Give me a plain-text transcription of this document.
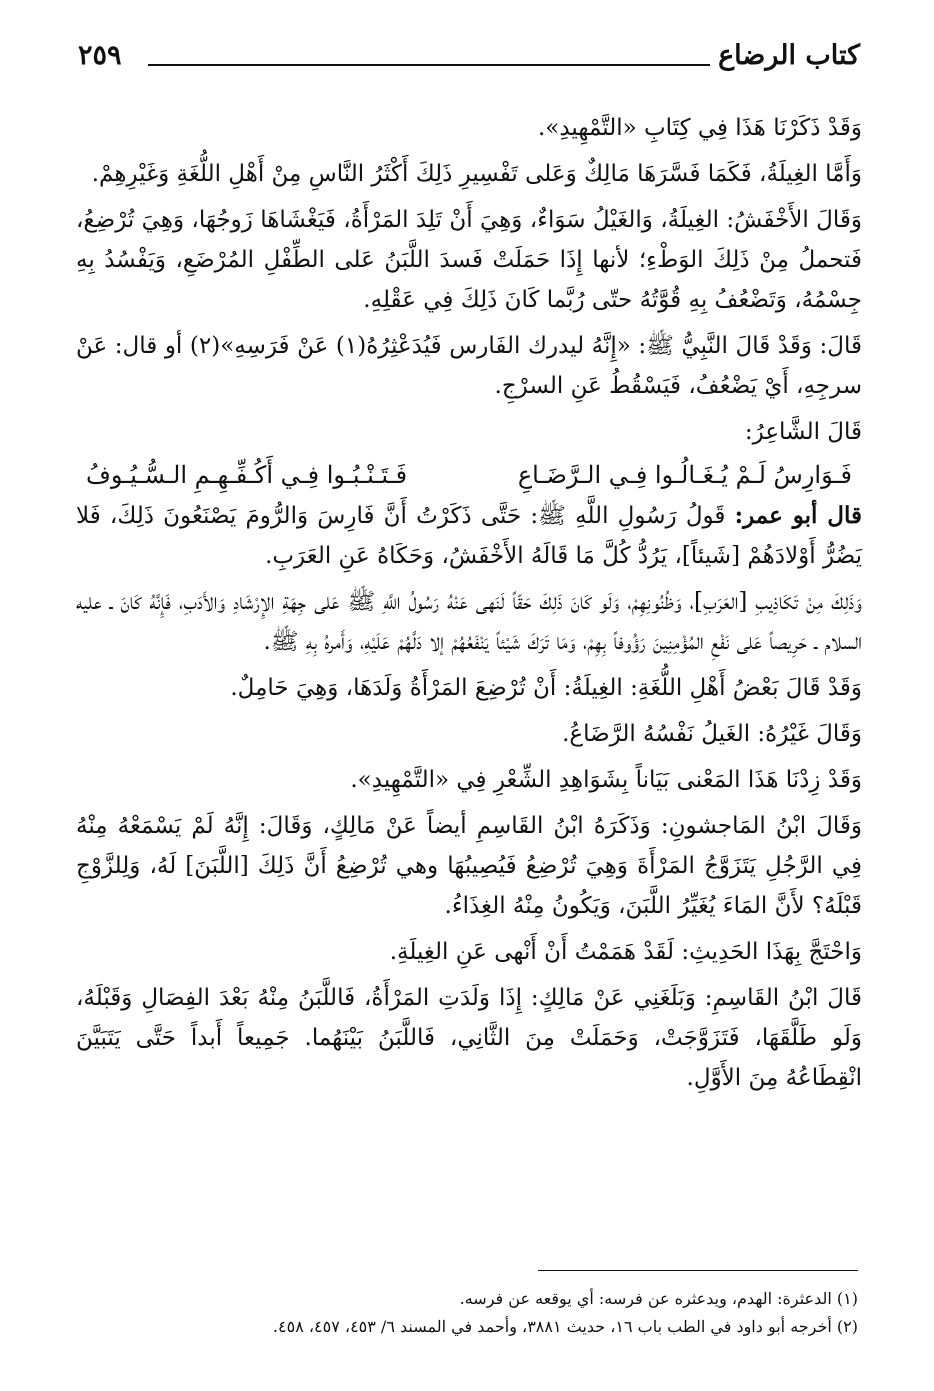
كتاب الرضاع
٢٥٩

وَقَدْ ذَكَرْنَا هَذَا فِي كِتَابِ «التَّمْهِيدِ».

وَأَمَّا الغِيلَةُ، فَكَمَا فَسَّرَهَا مَالِكٌ وَعَلى تَفْسِيرِ ذَلِكَ أَكْثَرُ النَّاسِ مِنْ أَهْلِ اللُّغَةِ وَغَيْرِهِمْ.

وَقَالَ الأَخْفَشُ: الغِيلَةُ، وَالغَيْلُ سَوَاءٌ، وَهِيَ أَنْ تَلِدَ المَرْأَةُ، فَيَغْشَاهَا زَوجُهَا، وَهِيَ تُرْضِعُ، فَتحملُ مِنْ ذَلِكَ الوَطْءِ؛ لأنها إِذَا حَمَلَتْ فَسدَ اللَّبَنُ عَلى الطِّفْلِ المُرْضَعِ، وَيَفْسُدُ بِهِ جِسْمُهُ، وَتَضْعُفُ بِهِ قُوَّتُهُ حتّى رُبَّما كَانَ ذَلِكَ فِي عَقْلِهِ.

قَالَ: وَقَدْ قَالَ النَّبِيُّ ﷺ: «إِنَّهُ ليدرك الفَارس فَيُدَعْثِرُهُ(١) عَنْ فَرَسِهِ»(٢) أو قال: عَنْ سرجِهِ، أَيْ يَضْعُفُ، فَيَسْقُطُ عَنِ السرْجِ.

قَالَ الشَّاعِرُ:

فَـوَارِسُ لَـمْ يُـغَـالُـوا فِـي الـرَّضَـاعِ
فَـتَـنْـبُـوا فِـي أَكُـفِّـهِـمِ الـسُّـيُـوفُ

قال أبو عمر: قَولُ رَسُولِ اللَّهِ ﷺ: حَتَّى ذَكَرْتُ أَنَّ فَارِسَ وَالرُّومَ يَصْنَعُونَ ذَلِكَ، فَلا يَضُرُّ أَوْلادَهُمْ [شَيئاً]، يَرُدُّ كُلَّ مَا قَالَهُ الأَخْفَشُ، وَحَكَاهُ عَنِ العَرَبِ.

وَذَلِكَ مِنْ تَكَاذِيبِ [العَرَبِ]، وَظُنُونِهِمْ، وَلَو كَانَ ذَلِكَ حَقّاً لَنَهى عَنْهُ رَسُولُ اللَّهِ ﷺ عَلى جِهَةِ الإِرْشَادِ وَالأَدَبِ، فَإِنَّهُ كَانَ ـ عليه السلام ـ حَرِيصاً عَلى نَفْعِ المُؤْمِنِينَ رَؤُوفاً بِهِمْ، وَمَا تَرَكَ شَيْئاً يَنْفَعُهُمْ إلا دَلَّهُمْ عَلَيْهِ، وَأَمرهُ بِهِ ﷺ.

وَقَدْ قَالَ بَعْضُ أَهْلِ اللُّغَةِ: الغِيلَةُ: أَنْ تُرْضِعَ المَرْأَةُ وَلَدَهَا، وَهِيَ حَامِلٌ.

وَقَالَ غَيْرُهُ: الغَيلُ نَفْسُهُ الرَّضَاعُ.

وَقَدْ زِدْنَا هَذَا المَعْنى بَيَاناً بِشَوَاهِدِ الشِّعْرِ فِي «التَّمْهِيدِ».

وَقَالَ ابْنُ المَاجشونِ: وَذَكَرَهُ ابْنُ القَاسِمِ أيضاً عَنْ مَالِكٍ، وَقَالَ: إِنَّهُ لَمْ يَسْمَعْهُ مِنْهُ فِي الرَّجُلِ يَتَزَوَّجُ المَرْأَةَ وَهِيَ تُرْضِعُ فَيُصِيبُهَا وهي تُرْضِعُ أَنَّ ذَلِكَ [اللَّبَنَ] لَهُ، وَلِلزَّوْجِ قَبْلَهُ؟ لأَنَّ المَاءَ يُغَيِّرُ اللَّبَنَ، وَيَكُونُ مِنْهُ الغِذَاءُ.

وَاحْتَجَّ بِهَذَا الحَدِيثِ: لَقَدْ هَمَمْتُ أَنْ أَنْهى عَنِ الغِيلَةِ.

قَالَ ابْنُ القَاسِمِ: وَبَلَغَنِي عَنْ مَالِكٍ: إِذَا وَلَدَتِ المَرْأَةُ، فَاللَّبَنُ مِنْهُ بَعْدَ الفِصَالِ وَقَبْلَهُ، وَلَو طَلَّقَهَا، فَتَزَوَّجَتْ، وَحَمَلَتْ مِنَ الثَّانِي، فَاللَّبَنُ بَيْنَهُما. جَمِيعاً أَبداً حَتَّى يَتَبَيَّنَ انْقِطَاعُهُ مِنَ الأَوَّلِ.

(١) الدعثرة: الهدم، ويدعثره عن فرسه: أي يوقعه عن فرسه.

(٢) أخرجه أبو داود في الطب باب ١٦، حديث ٣٨٨١، وأحمد في المسند ٦/ ٤٥٣، ٤٥٧، ٤٥٨.
